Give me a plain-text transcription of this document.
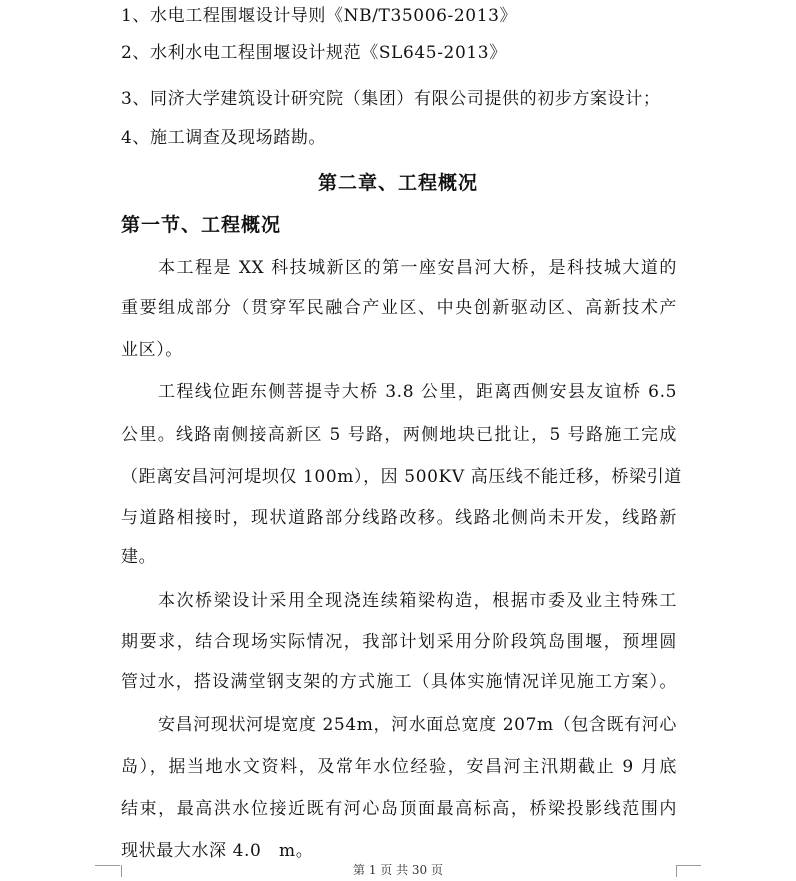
1、水电工程围堰设计导则《NB/T35006-2013》
2、水利水电工程围堰设计规范《SL645-2013》
3、同济大学建筑设计研究院（集团）有限公司提供的初步方案设计；
4、施工调查及现场踏勘。
第二章、工程概况
第一节、工程概况
本工程是 XX 科技城新区的第一座安昌河大桥，是科技城大道的
重要组成部分（贯穿军民融合产业区、中央创新驱动区、高新技术产
业区）。
工程线位距东侧菩提寺大桥 3.8 公里，距离西侧安县友谊桥 6.5
公里。线路南侧接高新区 5 号路，两侧地块已批让，5 号路施工完成
（距离安昌河河堤坝仅 100m），因 500KV 高压线不能迁移，桥梁引道
与道路相接时，现状道路部分线路改移。线路北侧尚未开发，线路新
建。
本次桥梁设计采用全现浇连续箱梁构造，根据市委及业主特殊工
期要求，结合现场实际情况，我部计划采用分阶段筑岛围堰，预埋圆
管过水，搭设满堂钢支架的方式施工（具体实施情况详见施工方案）。
安昌河现状河堤宽度 254m，河水面总宽度 207m（包含既有河心
岛），据当地水文资料，及常年水位经验，安昌河主汛期截止 9 月底
结束，最高洪水位接近既有河心岛顶面最高标高，桥梁投影线范围内
现状最大水深 4.0　m。
第 1 页 共 30 页
